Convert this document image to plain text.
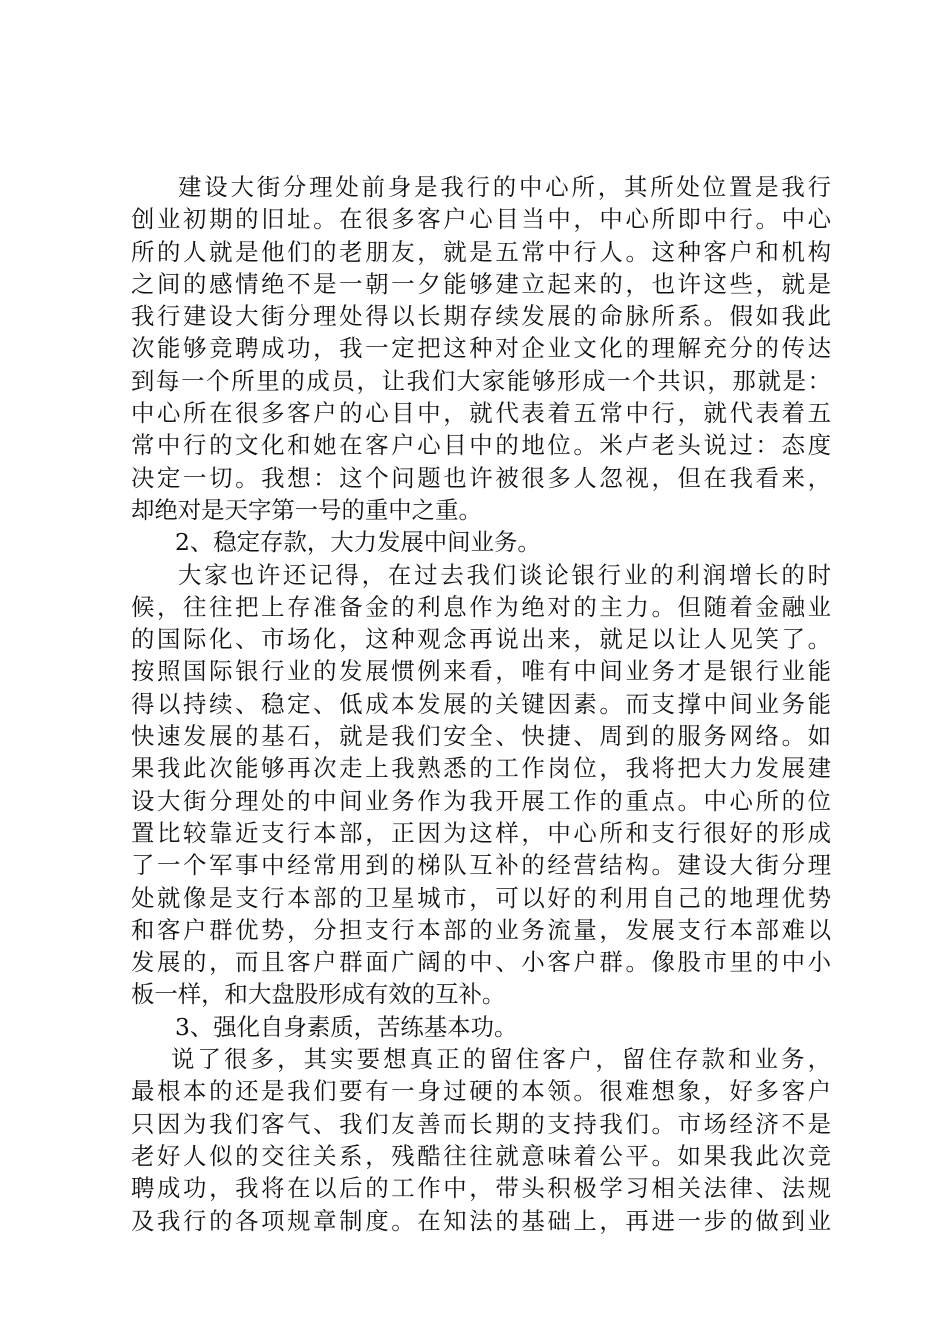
建设大街分理处前身是我行的中心所，其所处位置是我行
创业初期的旧址。在很多客户心目当中，中心所即中行。中心
所的人就是他们的老朋友，就是五常中行人。这种客户和机构
之间的感情绝不是一朝一夕能够建立起来的，也许这些，就是
我行建设大街分理处得以长期存续发展的命脉所系。假如我此
次能够竞聘成功，我一定把这种对企业文化的理解充分的传达
到每一个所里的成员，让我们大家能够形成一个共识，那就是：
中心所在很多客户的心目中，就代表着五常中行，就代表着五
常中行的文化和她在客户心目中的地位。米卢老头说过：态度
决定一切。我想：这个问题也许被很多人忽视，但在我看来，
却绝对是天字第一号的重中之重。
2、稳定存款，大力发展中间业务。
大家也许还记得，在过去我们谈论银行业的利润增长的时
候，往往把上存准备金的利息作为绝对的主力。但随着金融业
的国际化、市场化，这种观念再说出来，就足以让人见笑了。
按照国际银行业的发展惯例来看，唯有中间业务才是银行业能
得以持续、稳定、低成本发展的关键因素。而支撑中间业务能
快速发展的基石，就是我们安全、快捷、周到的服务网络。如
果我此次能够再次走上我熟悉的工作岗位，我将把大力发展建
设大街分理处的中间业务作为我开展工作的重点。中心所的位
置比较靠近支行本部，正因为这样，中心所和支行很好的形成
了一个军事中经常用到的梯队互补的经营结构。建设大街分理
处就像是支行本部的卫星城市，可以好的利用自己的地理优势
和客户群优势，分担支行本部的业务流量，发展支行本部难以
发展的，而且客户群面广阔的中、小客户群。像股市里的中小
板一样，和大盘股形成有效的互补。
3、强化自身素质，苦练基本功。
说了很多，其实要想真正的留住客户，留住存款和业务，
最根本的还是我们要有一身过硬的本领。很难想象，好多客户
只因为我们客气、我们友善而长期的支持我们。市场经济不是
老好人似的交往关系，残酷往往就意味着公平。如果我此次竞
聘成功，我将在以后的工作中，带头积极学习相关法律、法规
及我行的各项规章制度。在知法的基础上，再进一步的做到业
